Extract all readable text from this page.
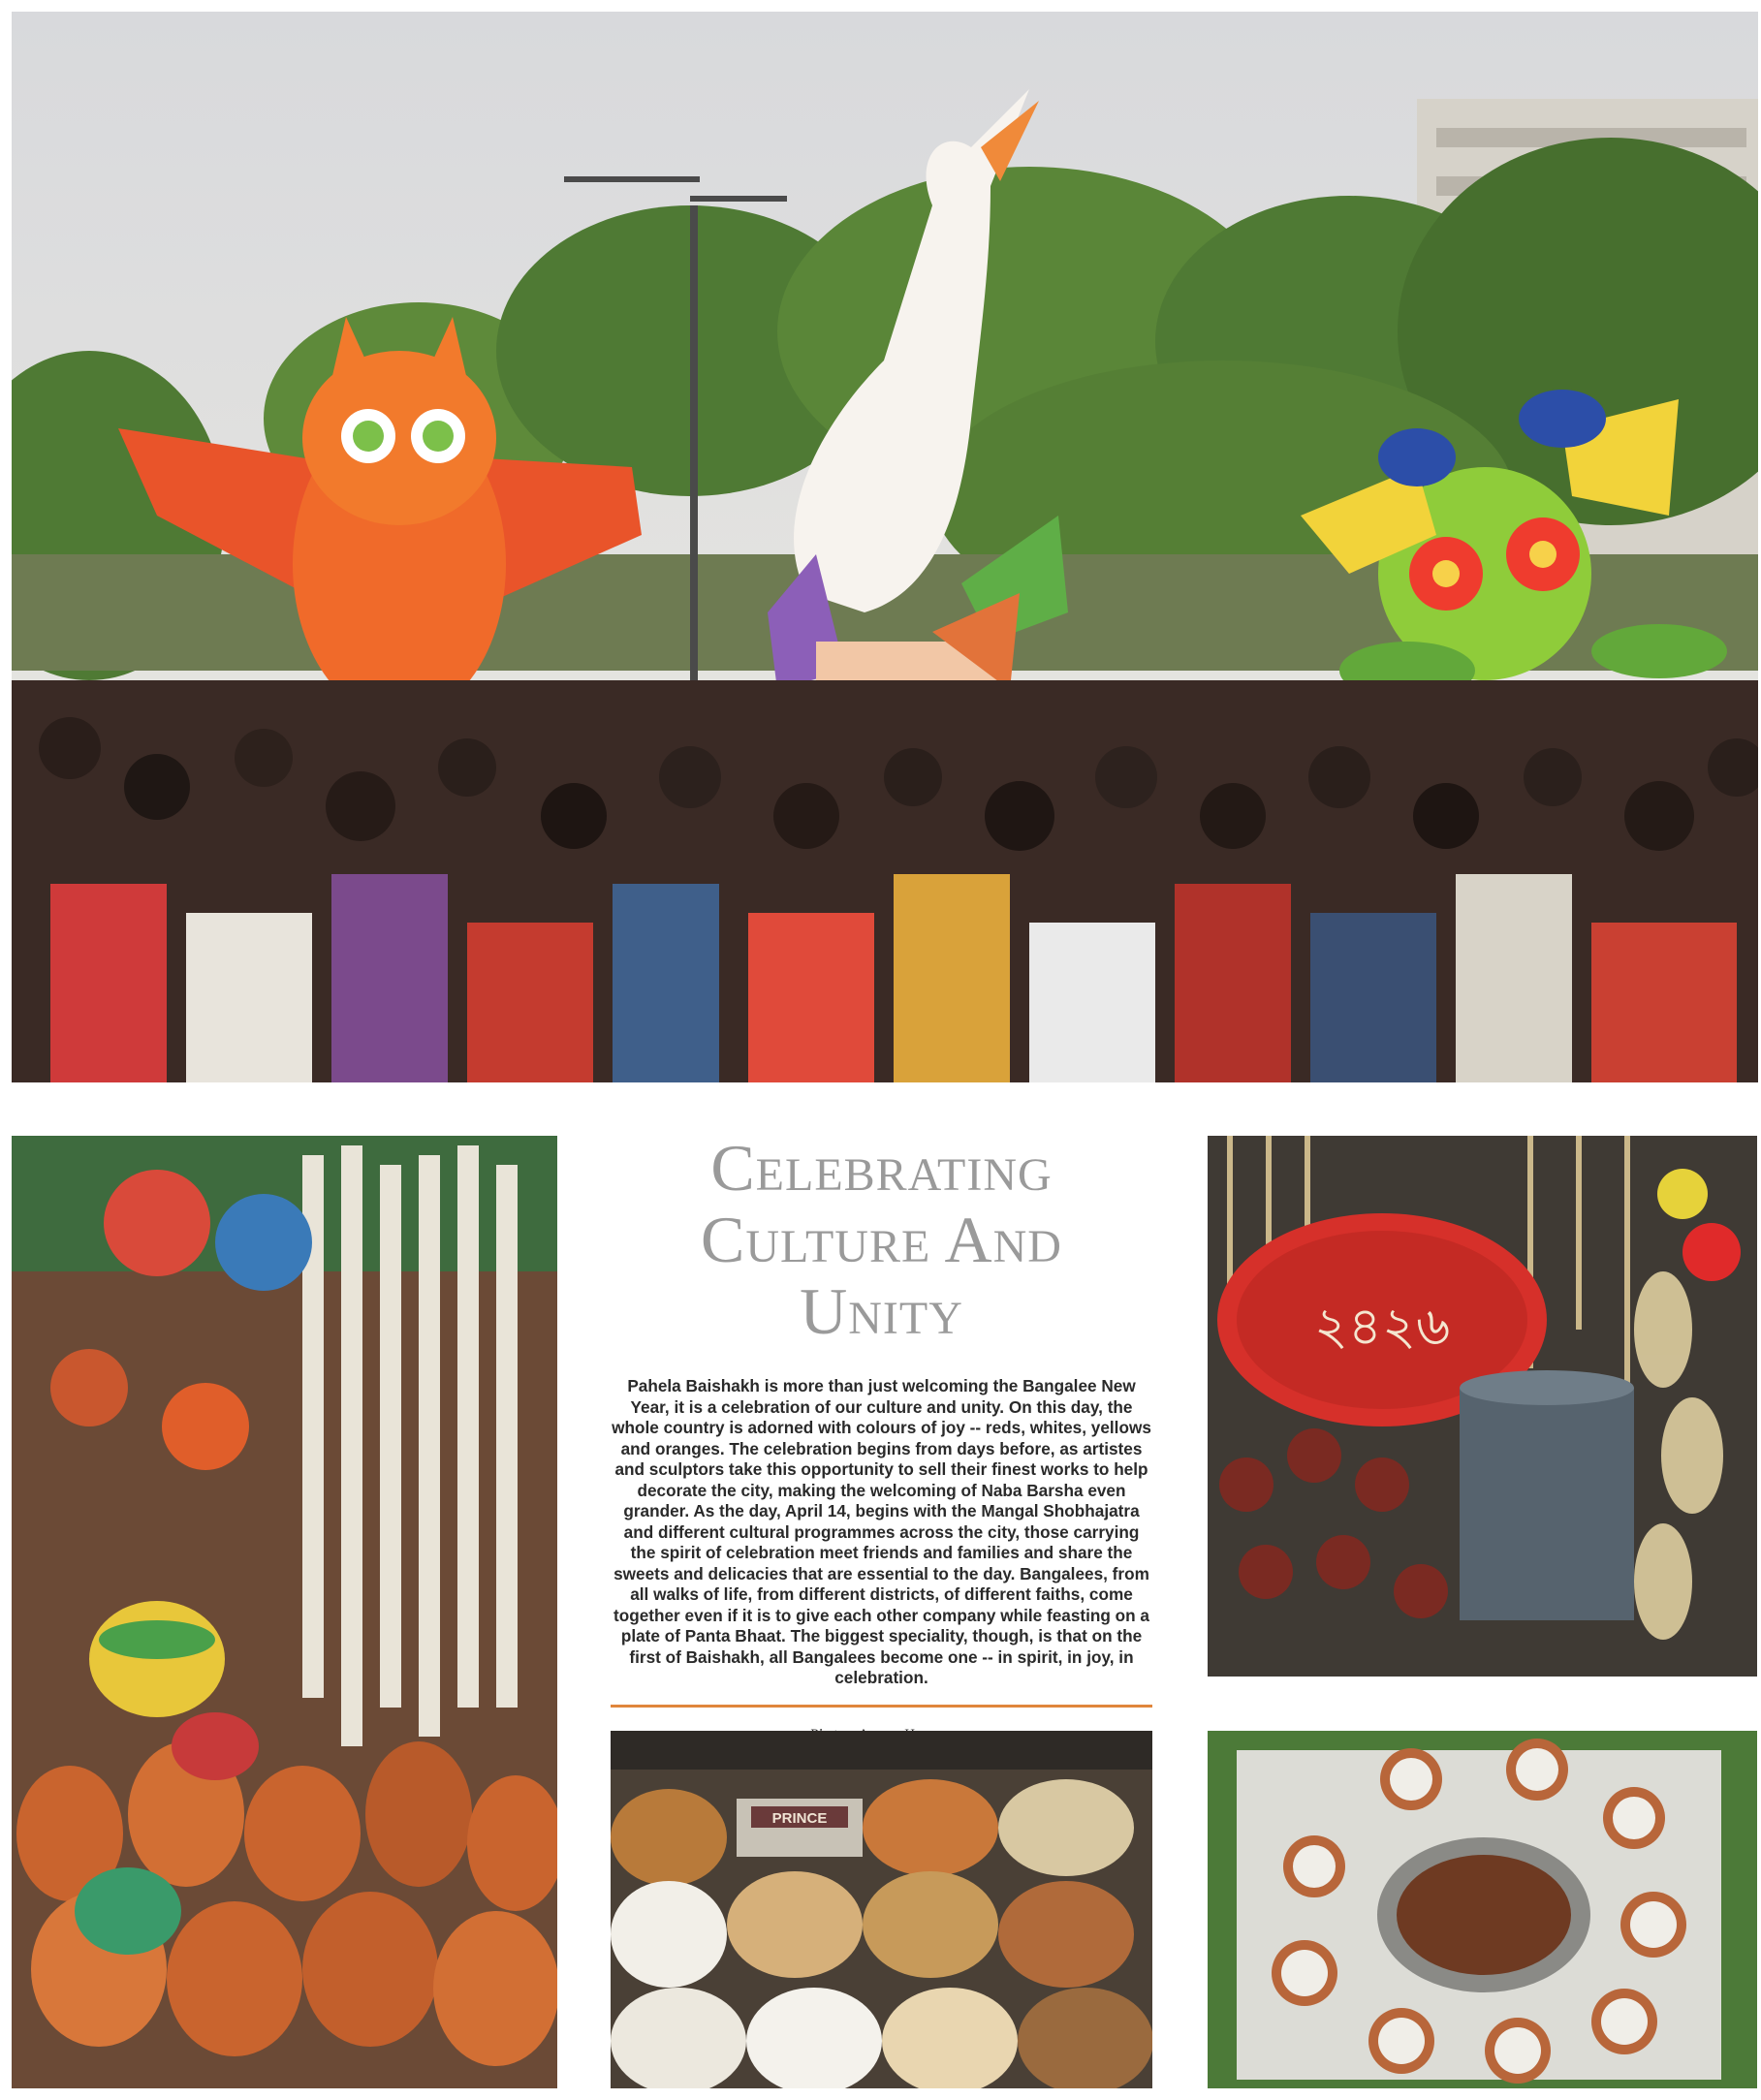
Celebrating
Culture And Unity

Pahela Baishakh is more than just welcoming the Bangalee New Year, it is a celebration of our culture and unity. On this day, the whole country is adorned with colours of joy -- reds, whites, yellows and oranges. The celebration begins from days before, as artistes and sculptors take this opportunity to sell their finest works to help decorate the city, making the welcoming of Naba Barsha even grander. As the day, April 14, begins with the Mangal Shobhajatra and different cultural programmes across the city, those carrying the spirit of celebration meet friends and families and share the sweets and delicacies that are essential to the day. Bangalees, from all walks of life, from different districts, of different faiths, come together even if it is to give each other company while feasting on a plate of Panta Bhaat. The biggest speciality, though, is that on the first of Baishakh, all Bangalees become one -- in spirit, in joy, in celebration.

২৪২৬
PRINCE
